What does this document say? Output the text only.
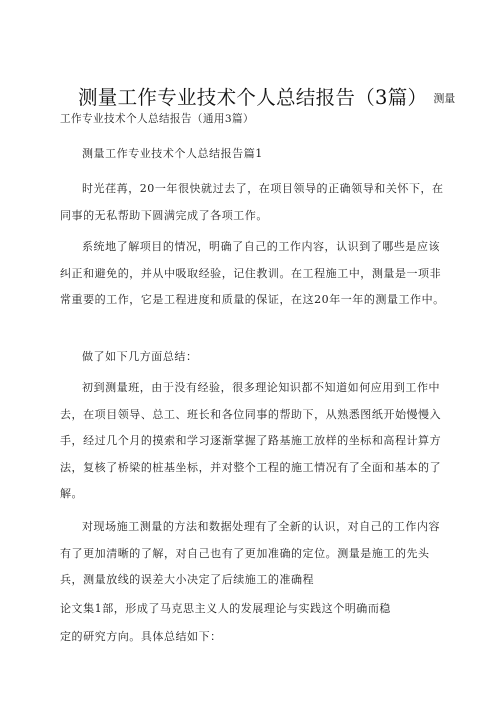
测量工作专业技术个人总结报告（3篇） 测量
工作专业技术个人总结报告（通用3篇）
测量工作专业技术个人总结报告篇1

时光荏苒，20一年很快就过去了，在项目领导的正确领导和关怀下，在同事的无私帮助下圆满完成了各项工作。

系统地了解项目的情况，明确了自己的工作内容，认识到了哪些是应该纠正和避免的，并从中吸取经验，记住教训。在工程施工中，测量是一项非常重要的工作，它是工程进度和质量的保证，在这20年一年的测量工作中。

做了如下几方面总结：

初到测量班，由于没有经验，很多理论知识都不知道如何应用到工作中去，在项目领导、总工、班长和各位同事的帮助下，从熟悉图纸开始慢慢入手，经过几个月的摸索和学习逐渐掌握了路基施工放样的坐标和高程计算方法，复核了桥梁的桩基坐标，并对整个工程的施工情况有了全面和基本的了解。

对现场施工测量的方法和数据处理有了全新的认识，对自己的工作内容有了更加清晰的了解，对自己也有了更加准确的定位。测量是施工的先头兵，测量放线的误差大小决定了后续施工的准确程

论文集1部，形成了马克思主义人的发展理论与实践这个明确而稳
定的研究方向。具体总结如下：
